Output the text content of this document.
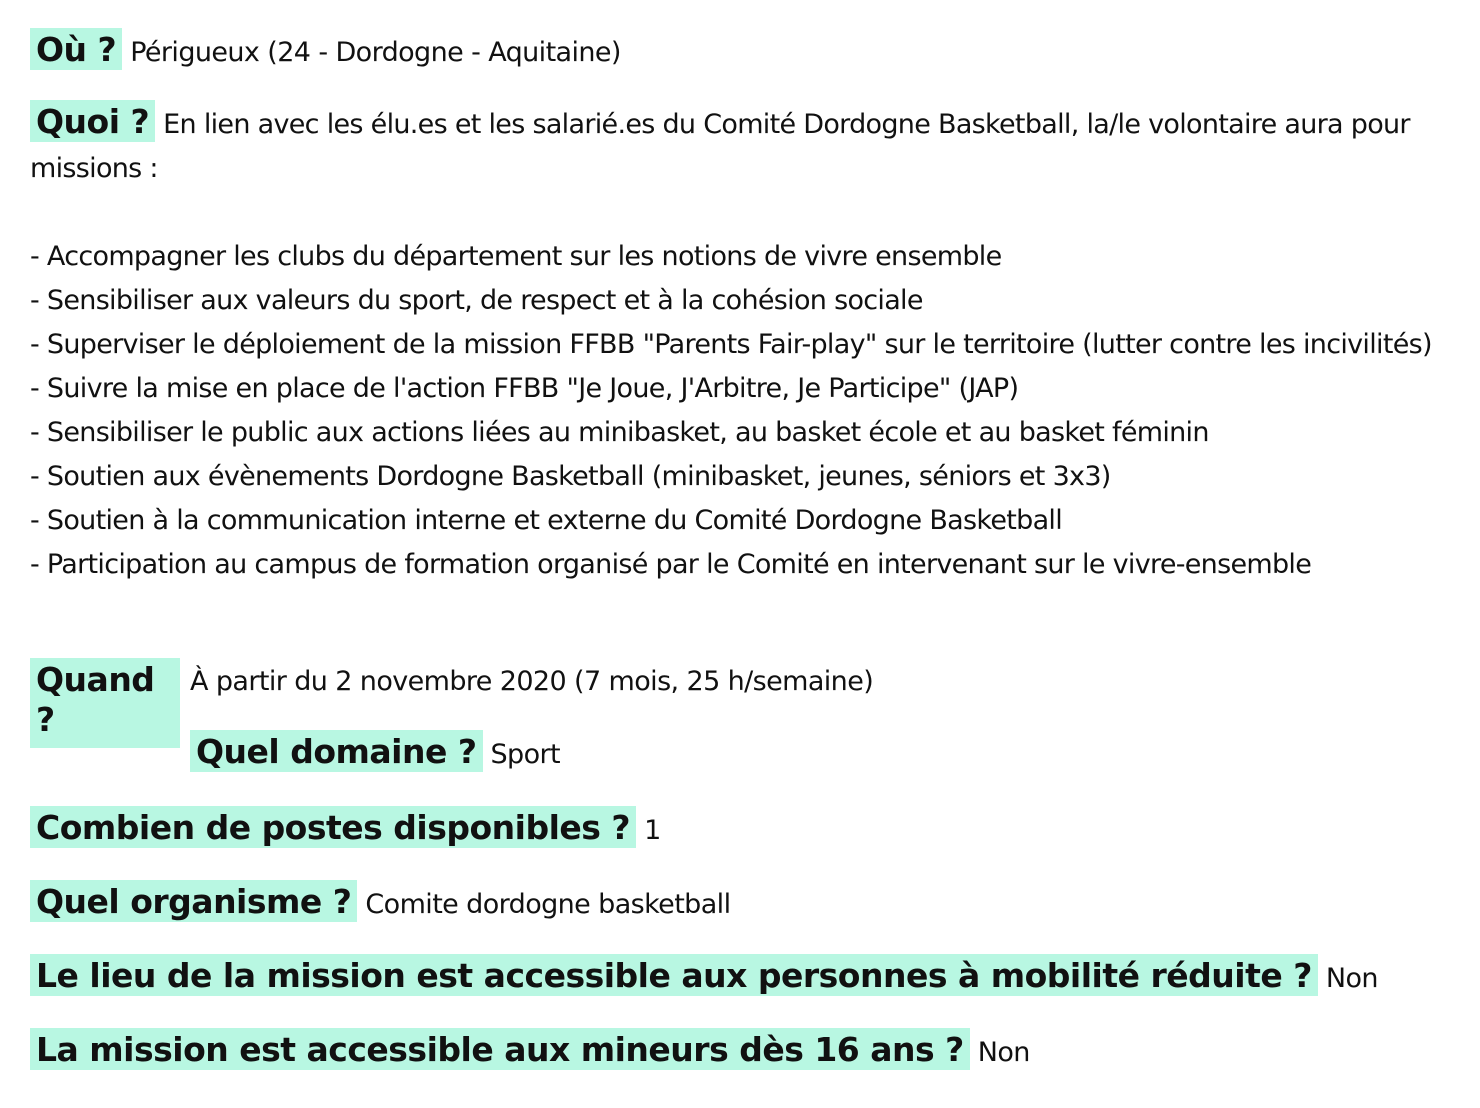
Où ? Périgueux (24 - Dordogne - Aquitaine)
Quoi ? En lien avec les élu.es et les salarié.es du Comité Dordogne Basketball, la/le volontaire aura pour missions :
- Accompagner les clubs du département sur les notions de vivre ensemble
- Sensibiliser aux valeurs du sport, de respect et à la cohésion sociale
- Superviser le déploiement de la mission FFBB "Parents Fair-play" sur le territoire (lutter contre les incivilités)
- Suivre la mise en place de l'action FFBB "Je Joue, J'Arbitre, Je Participe" (JAP)
- Sensibiliser le public aux actions liées au minibasket, au basket école et au basket féminin
- Soutien aux évènements Dordogne Basketball (minibasket, jeunes, séniors et 3x3)
- Soutien à la communication interne et externe du Comité Dordogne Basketball
- Participation au campus de formation organisé par le Comité en intervenant sur le vivre-ensemble
Quand ?
À partir du 2 novembre 2020 (7 mois, 25 h/semaine)
Quel domaine ? Sport
Combien de postes disponibles ? 1
Quel organisme ? Comite dordogne basketball
Le lieu de la mission est accessible aux personnes à mobilité réduite ? Non
La mission est accessible aux mineurs dès 16 ans ? Non
